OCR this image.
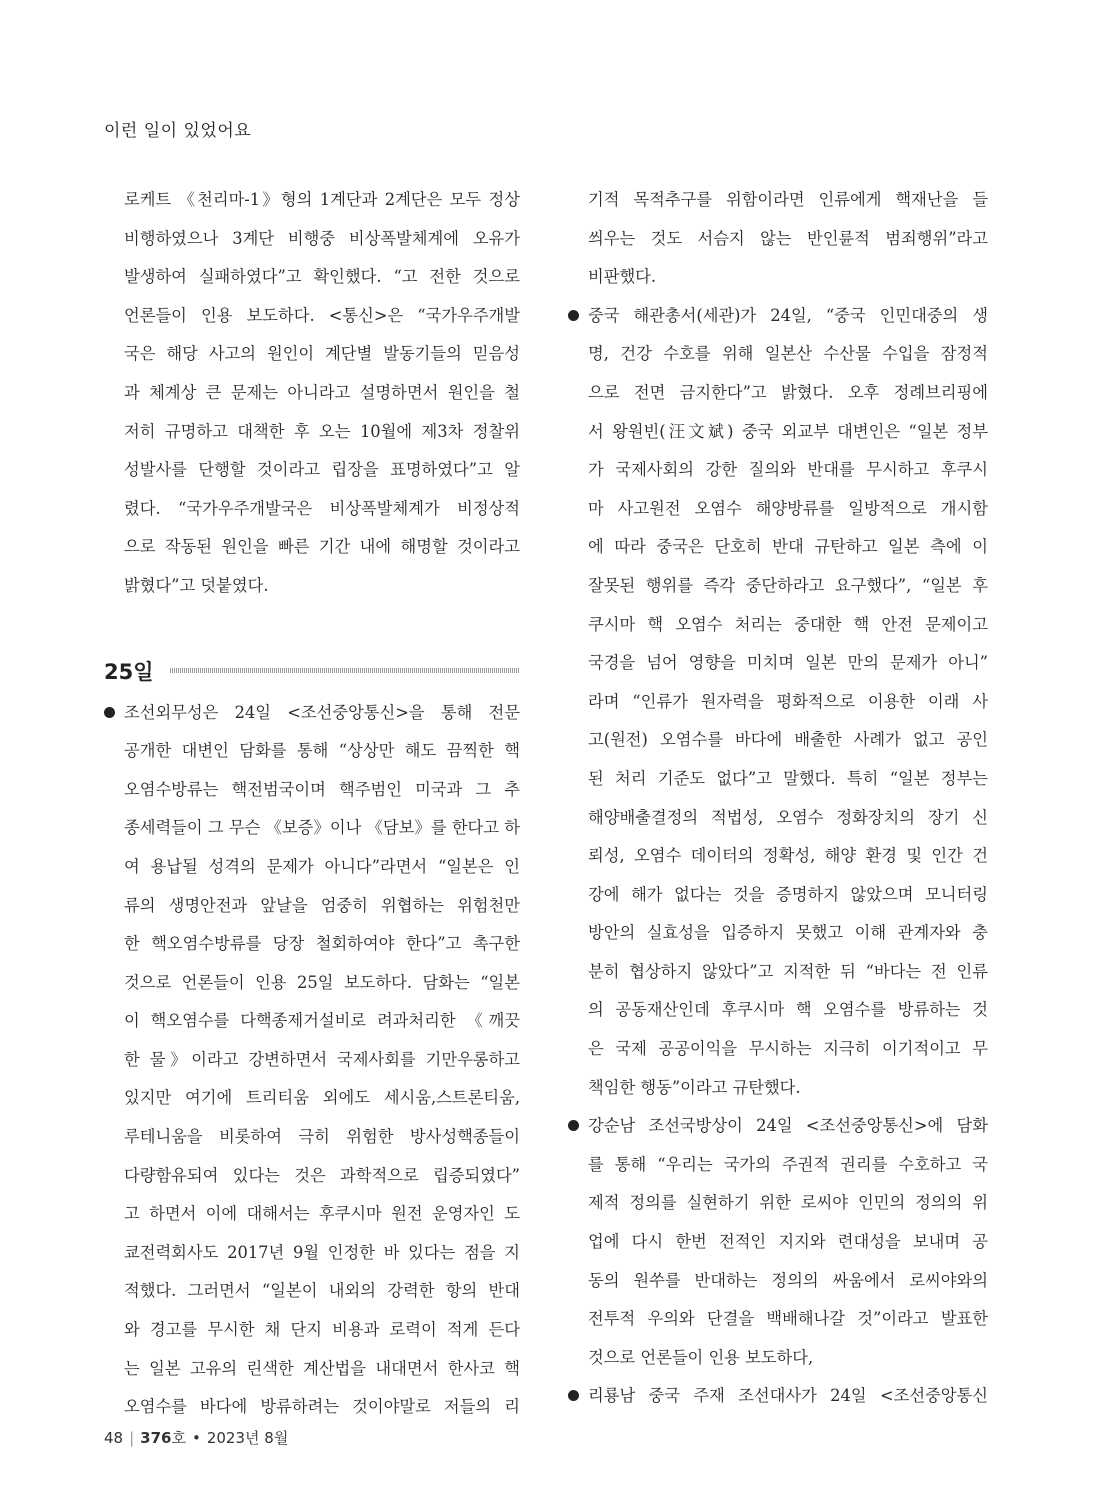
이런 일이 있었어요
로케트 《천리마-1》형의 1계단과 2계단은 모두 정상
비행하였으나 3계단 비행중 비상폭발체계에 오유가
발생하여 실패하였다”고 확인했다. “고 전한 것으로
언론들이 인용 보도하다. <통신>은 “국가우주개발
국은 해당 사고의 원인이 계단별 발동기들의 믿음성
과 체계상 큰 문제는 아니라고 설명하면서 원인을 철
저히 규명하고 대책한 후 오는 10월에 제3차 정찰위
성발사를 단행할 것이라고 립장을 표명하였다”고 알
렸다. “국가우주개발국은 비상폭발체계가 비정상적
으로 작동된 원인을 빠른 기간 내에 해명할 것이라고
밝혔다”고 덧붙였다.
25일
조선외무성은 24일 <조선중앙통신>을 통해 전문
공개한 대변인 담화를 통해 “상상만 해도 끔찍한 핵
오염수방류는 핵전범국이며 핵주범인 미국과 그 추
종세력들이 그 무슨 《보증》이나 《담보》를 한다고 하
여 용납될 성격의 문제가 아니다”라면서 “일본은 인
류의 생명안전과 앞날을 엄중히 위협하는 위험천만
한 핵오염수방류를 당장 철회하여야 한다”고 촉구한
것으로 언론들이 인용 25일 보도하다. 담화는 “일본
이 핵오염수를 다핵종제거설비로 려과처리한 《깨끗
한 물》이라고 강변하면서 국제사회를 기만우롱하고
있지만 여기에 트리티움 외에도 세시움,스트론티움,
루테니움을 비롯하여 극히 위험한 방사성핵종들이
다량함유되여 있다는 것은 과학적으로 립증되였다”
고 하면서 이에 대해서는 후쿠시마 원전 운영자인 도
쿄전력회사도 2017년 9월 인정한 바 있다는 점을 지
적했다. 그러면서 “일본이 내외의 강력한 항의 반대
와 경고를 무시한 채 단지 비용과 로력이 적게 든다
는 일본 고유의 린색한 계산법을 내대면서 한사코 핵
오염수를 바다에 방류하려는 것이야말로 저들의 리
기적 목적추구를 위함이라면 인류에게 핵재난을 들
씌우는 것도 서슴지 않는 반인륜적 범죄행위”라고
비판했다.
중국 해관총서(세관)가 24일, “중국 인민대중의 생
명, 건강 수호를 위해 일본산 수산물 수입을 잠정적
으로 전면 금지한다”고 밝혔다. 오후 정례브리핑에
서 왕원빈(汪文斌) 중국 외교부 대변인은 “일본 정부
가 국제사회의 강한 질의와 반대를 무시하고 후쿠시
마 사고원전 오염수 해양방류를 일방적으로 개시함
에 따라 중국은 단호히 반대 규탄하고 일본 측에 이
잘못된 행위를 즉각 중단하라고 요구했다”, “일본 후
쿠시마 핵 오염수 처리는 중대한 핵 안전 문제이고
국경을 넘어 영향을 미치며 일본 만의 문제가 아니”
라며 “인류가 원자력을 평화적으로 이용한 이래 사
고(원전) 오염수를 바다에 배출한 사례가 없고 공인
된 처리 기준도 없다”고 말했다. 특히 “일본 정부는
해양배출결정의 적법성, 오염수 정화장치의 장기 신
뢰성, 오염수 데이터의 정확성, 해양 환경 및 인간 건
강에 해가 없다는 것을 증명하지 않았으며 모니터링
방안의 실효성을 입증하지 못했고 이해 관계자와 충
분히 협상하지 않았다”고 지적한 뒤 “바다는 전 인류
의 공동재산인데 후쿠시마 핵 오염수를 방류하는 것
은 국제 공공이익을 무시하는 지극히 이기적이고 무
책임한 행동”이라고 규탄했다.
강순남 조선국방상이 24일 <조선중앙통신>에 담화
를 통해 “우리는 국가의 주권적 권리를 수호하고 국
제적 정의를 실현하기 위한 로씨야 인민의 정의의 위
업에 다시 한번 전적인 지지와 련대성을 보내며 공
동의 원쑤를 반대하는 정의의 싸움에서 로씨야와의
전투적 우의와 단결을 백배해나갈 것”이라고 발표한
것으로 언론들이 인용 보도하다,
리룡남 중국 주재 조선대사가 24일 <조선중앙통신
48 | 376호 • 2023년 8월
